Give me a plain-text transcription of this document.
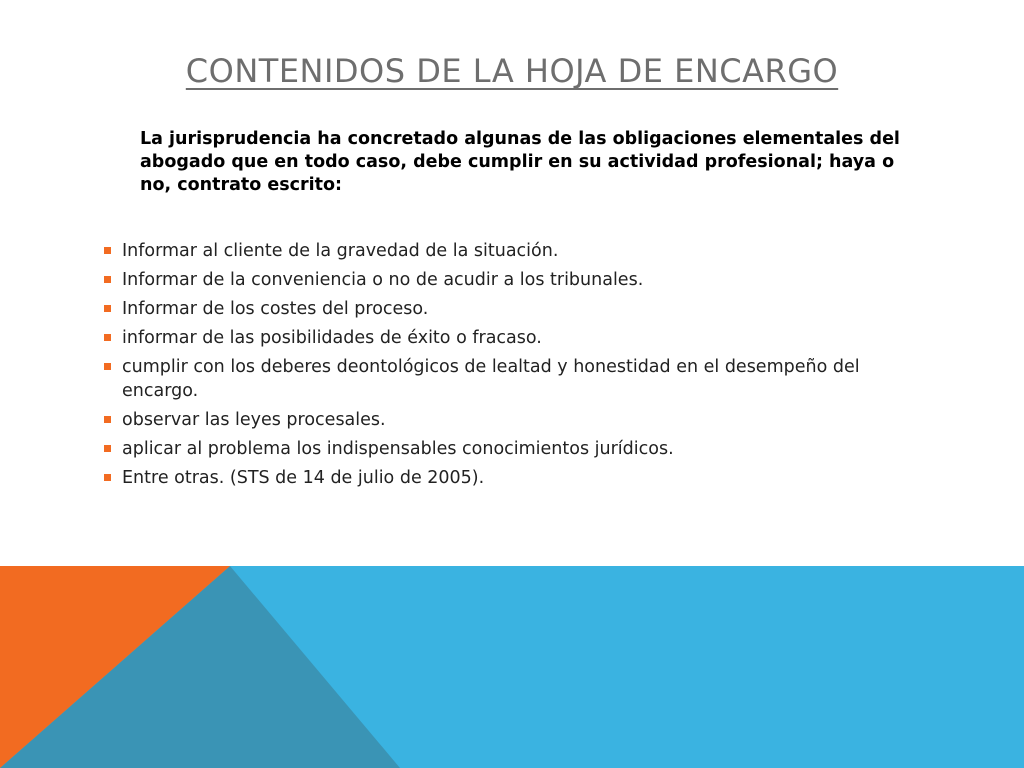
CONTENIDOS DE LA HOJA DE ENCARGO

La jurisprudencia ha concretado algunas de las obligaciones elementales del abogado que en todo caso, debe cumplir en su actividad profesional; haya o no, contrato escrito:

Informar al cliente de la gravedad de la situación.
Informar de la conveniencia o no de acudir a los tribunales.
Informar de los costes del proceso.
informar de las posibilidades de éxito o fracaso.
cumplir con los deberes deontológicos de lealtad y honestidad en el desempeño del encargo.
observar las leyes procesales.
aplicar al problema los indispensables conocimientos jurídicos.
Entre otras. (STS de 14 de julio de 2005).
